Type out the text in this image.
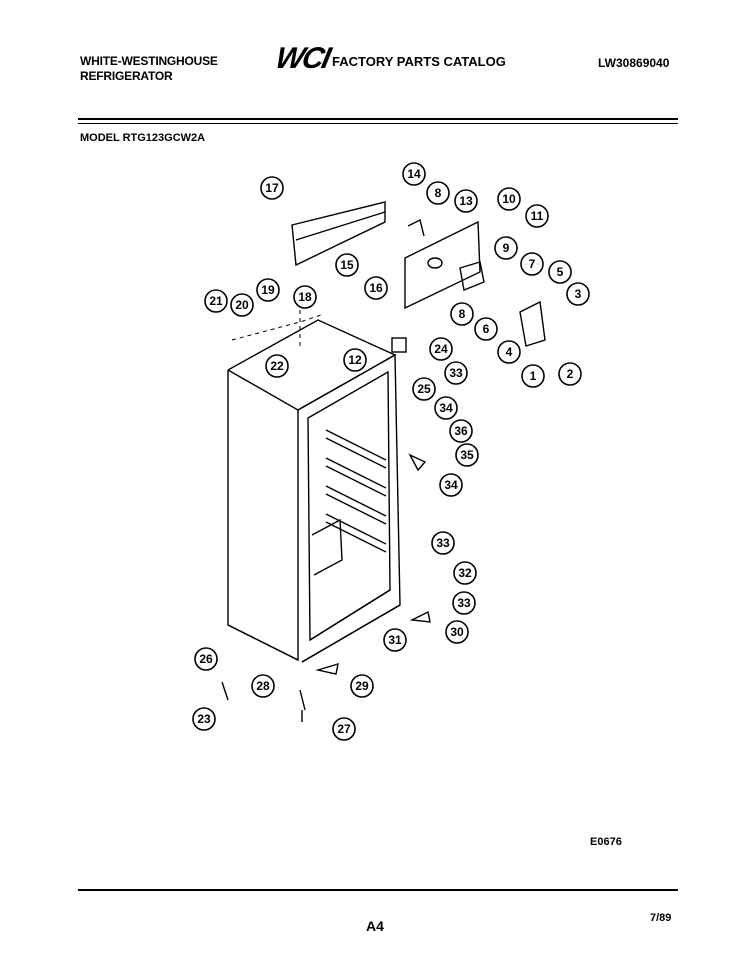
WHITE-WESTINGHOUSE
REFRIGERATOR
WCI FACTORY PARTS CATALOG	LW30869040
MODEL RTG123GCW2A
1	2
3
4
5
6
7
8
8
9
10
11
12
13
14
15
16
17
18
19
20
21
22
23
24
25
26
27
28	29
30
31
32
33
33
33
34
34
35
36
E0676
A4	7/89
